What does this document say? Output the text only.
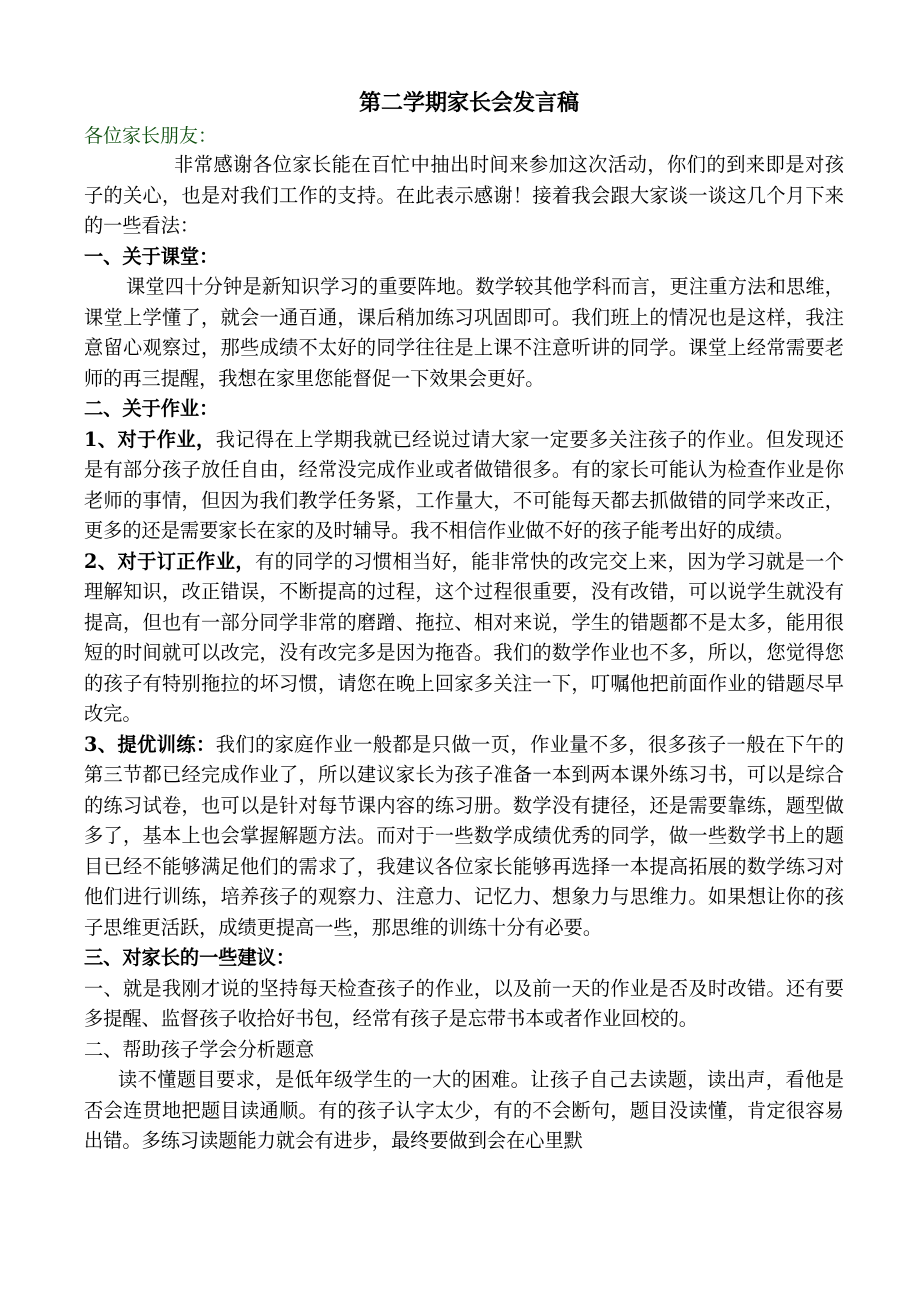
第二学期家长会发言稿

各位家长朋友：

非常感谢各位家长能在百忙中抽出时间来参加这次活动，你们的到来即是对孩子的关心，也是对我们工作的支持。在此表示感谢！接着我会跟大家谈一谈这几个月下来的一些看法：

一、关于课堂：

课堂四十分钟是新知识学习的重要阵地。数学较其他学科而言，更注重方法和思维，课堂上学懂了，就会一通百通，课后稍加练习巩固即可。我们班上的情况也是这样，我注意留心观察过，那些成绩不太好的同学往往是上课不注意听讲的同学。课堂上经常需要老师的再三提醒，我想在家里您能督促一下效果会更好。

二、关于作业：

1、对于作业，我记得在上学期我就已经说过请大家一定要多关注孩子的作业。但发现还是有部分孩子放任自由，经常没完成作业或者做错很多。有的家长可能认为检查作业是你老师的事情，但因为我们教学任务紧，工作量大，不可能每天都去抓做错的同学来改正，更多的还是需要家长在家的及时辅导。我不相信作业做不好的孩子能考出好的成绩。

2、对于订正作业，有的同学的习惯相当好，能非常快的改完交上来，因为学习就是一个理解知识，改正错误，不断提高的过程，这个过程很重要，没有改错，可以说学生就没有提高，但也有一部分同学非常的磨蹭、拖拉、相对来说，学生的错题都不是太多，能用很短的时间就可以改完，没有改完多是因为拖沓。我们的数学作业也不多，所以，您觉得您的孩子有特别拖拉的坏习惯，请您在晚上回家多关注一下，叮嘱他把前面作业的错题尽早改完。

3、提优训练：我们的家庭作业一般都是只做一页，作业量不多，很多孩子一般在下午的第三节都已经完成作业了，所以建议家长为孩子准备一本到两本课外练习书，可以是综合的练习试卷，也可以是针对每节课内容的练习册。数学没有捷径，还是需要靠练，题型做多了，基本上也会掌握解题方法。而对于一些数学成绩优秀的同学，做一些数学书上的题目已经不能够满足他们的需求了，我建议各位家长能够再选择一本提高拓展的数学练习对他们进行训练，培养孩子的观察力、注意力、记忆力、想象力与思维力。如果想让你的孩子思维更活跃，成绩更提高一些，那思维的训练十分有必要。

三、对家长的一些建议：

一、就是我刚才说的坚持每天检查孩子的作业，以及前一天的作业是否及时改错。还有要多提醒、监督孩子收拾好书包，经常有孩子是忘带书本或者作业回校的。

二、帮助孩子学会分析题意

读不懂题目要求，是低年级学生的一大的困难。让孩子自己去读题，读出声，看他是否会连贯地把题目读通顺。有的孩子认字太少，有的不会断句，题目没读懂，肯定很容易出错。多练习读题能力就会有进步，最终要做到会在心里默
